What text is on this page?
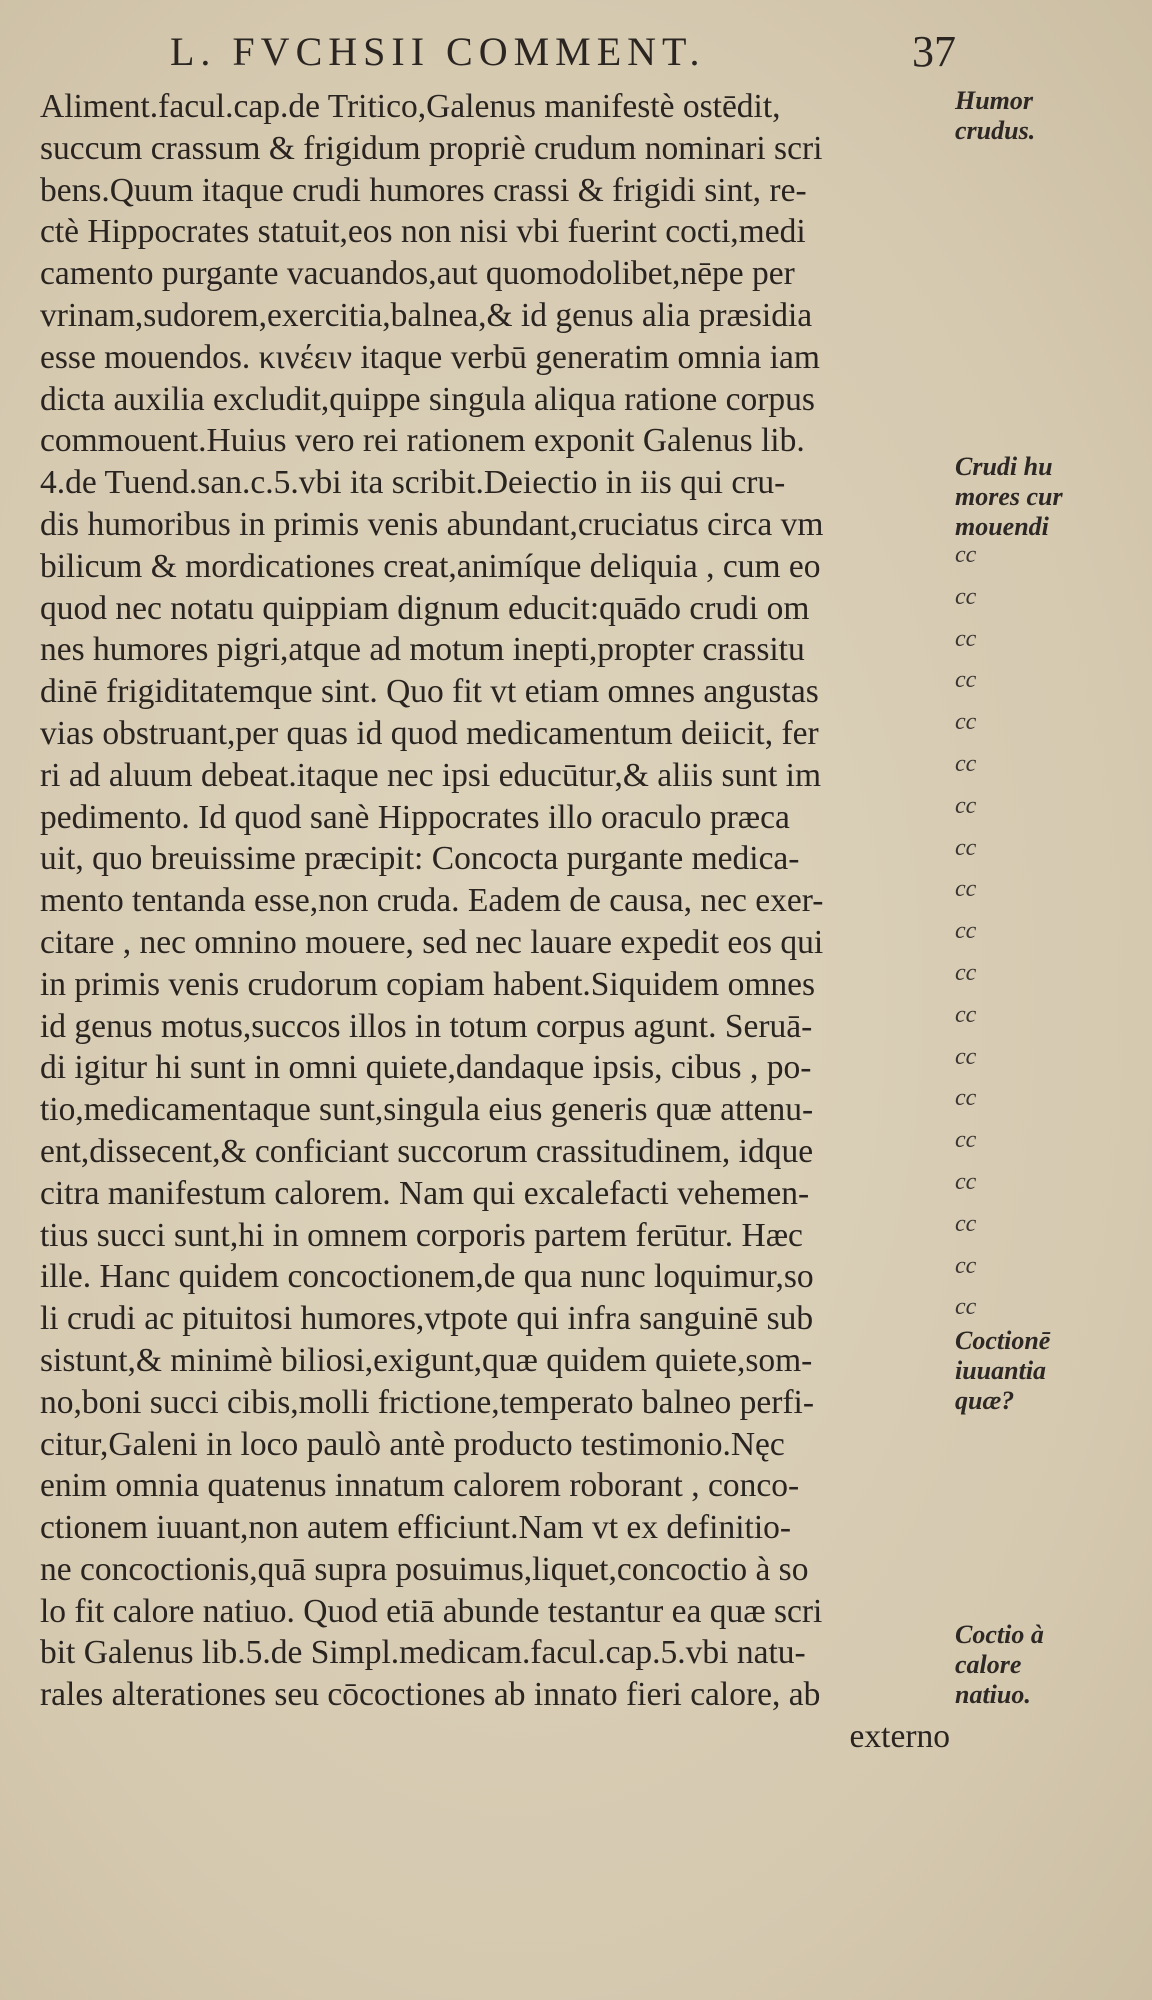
L. FVCHSII COMMENT.	37
Aliment.facul.cap.de Tritico,Galenus manifestè ostēdit,
succum crassum & frigidum propriè crudum nominari scri
bens.Quum itaque crudi humores crassi & frigidi sint, re-
ctè Hippocrates statuit,eos non nisi vbi fuerint cocti,medi
camento purgante vacuandos,aut quomodolibet,nēpe per
vrinam,sudorem,exercitia,balnea,& id genus alia præsidia
esse mouendos. κινέειν itaque verbū generatim omnia iam
dicta auxilia excludit,quippe singula aliqua ratione corpus
commouent.Huius vero rei rationem exponit Galenus lib.
4.de Tuend.san.c.5.vbi ita scribit.Deiectio in iis qui cru-
dis humoribus in primis venis abundant,cruciatus circa vm
bilicum & mordicationes creat,animíque deliquia , cum eo
quod nec notatu quippiam dignum educit:quādo crudi om
nes humores pigri,atque ad motum inepti,propter crassitu
dinē frigiditatemque sint. Quo fit vt etiam omnes angustas
vias obstruant,per quas id quod medicamentum deiicit, fer
ri ad aluum debeat.itaque nec ipsi educūtur,& aliis sunt im
pedimento. Id quod sanè Hippocrates illo oraculo præca
uit, quo breuissime præcipit: Concocta purgante medica-
mento tentanda esse,non cruda. Eadem de causa, nec exer-
citare , nec omnino mouere, sed nec lauare expedit eos qui
in primis venis crudorum copiam habent.Siquidem omnes
id genus motus,succos illos in totum corpus agunt. Seruā-
di igitur hi sunt in omni quiete,dandaque ipsis, cibus , po-
tio,medicamentaque sunt,singula eius generis quæ attenu-
ent,dissecent,& conficiant succorum crassitudinem, idque
citra manifestum calorem. Nam qui excalefacti vehemen-
tius succi sunt,hi in omnem corporis partem ferūtur. Hæc
ille. Hanc quidem concoctionem,de qua nunc loquimur,so
li crudi ac pituitosi humores,vtpote qui infra sanguinē sub
sistunt,& minimè biliosi,exigunt,quæ quidem quiete,som-
no,boni succi cibis,molli frictione,temperato balneo perfi-
citur,Galeni in loco paulò antè producto testimonio.Nęc
enim omnia quatenus innatum calorem roborant , conco-
ctionem iuuant,non autem efficiunt.Nam vt ex definitio-
ne concoctionis,quā supra posuimus,liquet,concoctio à so
lo fit calore natiuo. Quod etiā abunde testantur ea quæ scri
bit Galenus lib.5.de Simpl.medicam.facul.cap.5.vbi natu-
rales alterationes seu cōcoctiones ab innato fieri calore, ab
externo
cc
cc
cc
cc
cc
cc
cc
cc
cc
cc
cc
cc
cc
cc
cc
cc
cc
cc
cc
Humor
crudus.
Crudi hu
mores cur
mouendi
Coctionē
iuuantia
quæ?
Coctio à
calore
natiuo.
